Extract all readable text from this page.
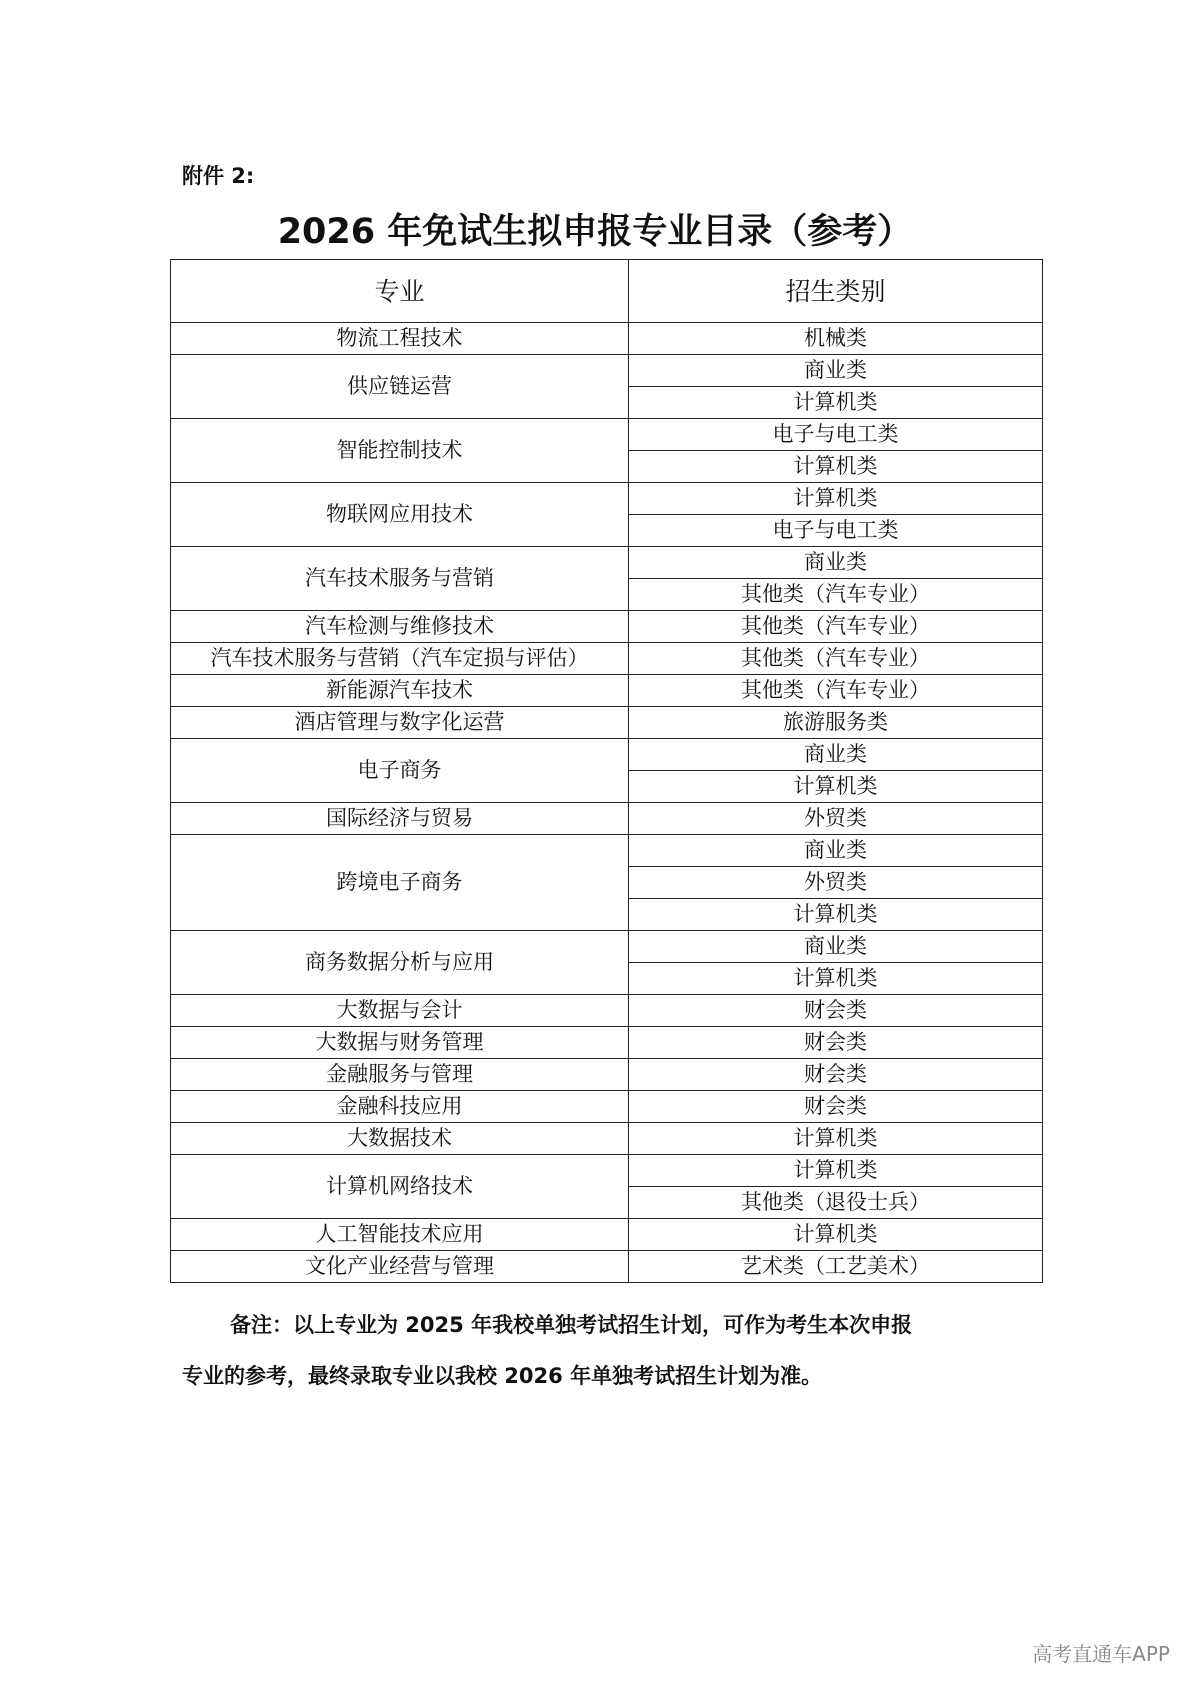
附件 2:
2026 年免试生拟申报专业目录（参考）
专业	招生类别
物流工程技术	机械类
供应链运营	商业类
	计算机类
智能控制技术	电子与电工类
	计算机类
物联网应用技术	计算机类
	电子与电工类
汽车技术服务与营销	商业类
	其他类（汽车专业）
汽车检测与维修技术	其他类（汽车专业）
汽车技术服务与营销（汽车定损与评估）	其他类（汽车专业）
新能源汽车技术	其他类（汽车专业）
酒店管理与数字化运营	旅游服务类
电子商务	商业类
	计算机类
国际经济与贸易	外贸类
跨境电子商务	商业类
	外贸类
	计算机类
商务数据分析与应用	商业类
	计算机类
大数据与会计	财会类
大数据与财务管理	财会类
金融服务与管理	财会类
金融科技应用	财会类
大数据技术	计算机类
计算机网络技术	计算机类
	其他类（退役士兵）
人工智能技术应用	计算机类
文化产业经营与管理	艺术类（工艺美术）

备注：以上专业为 2025 年我校单独考试招生计划，可作为考生本次申报

专业的参考，最终录取专业以我校 2026 年单独考试招生计划为准。

高考直通车APP
